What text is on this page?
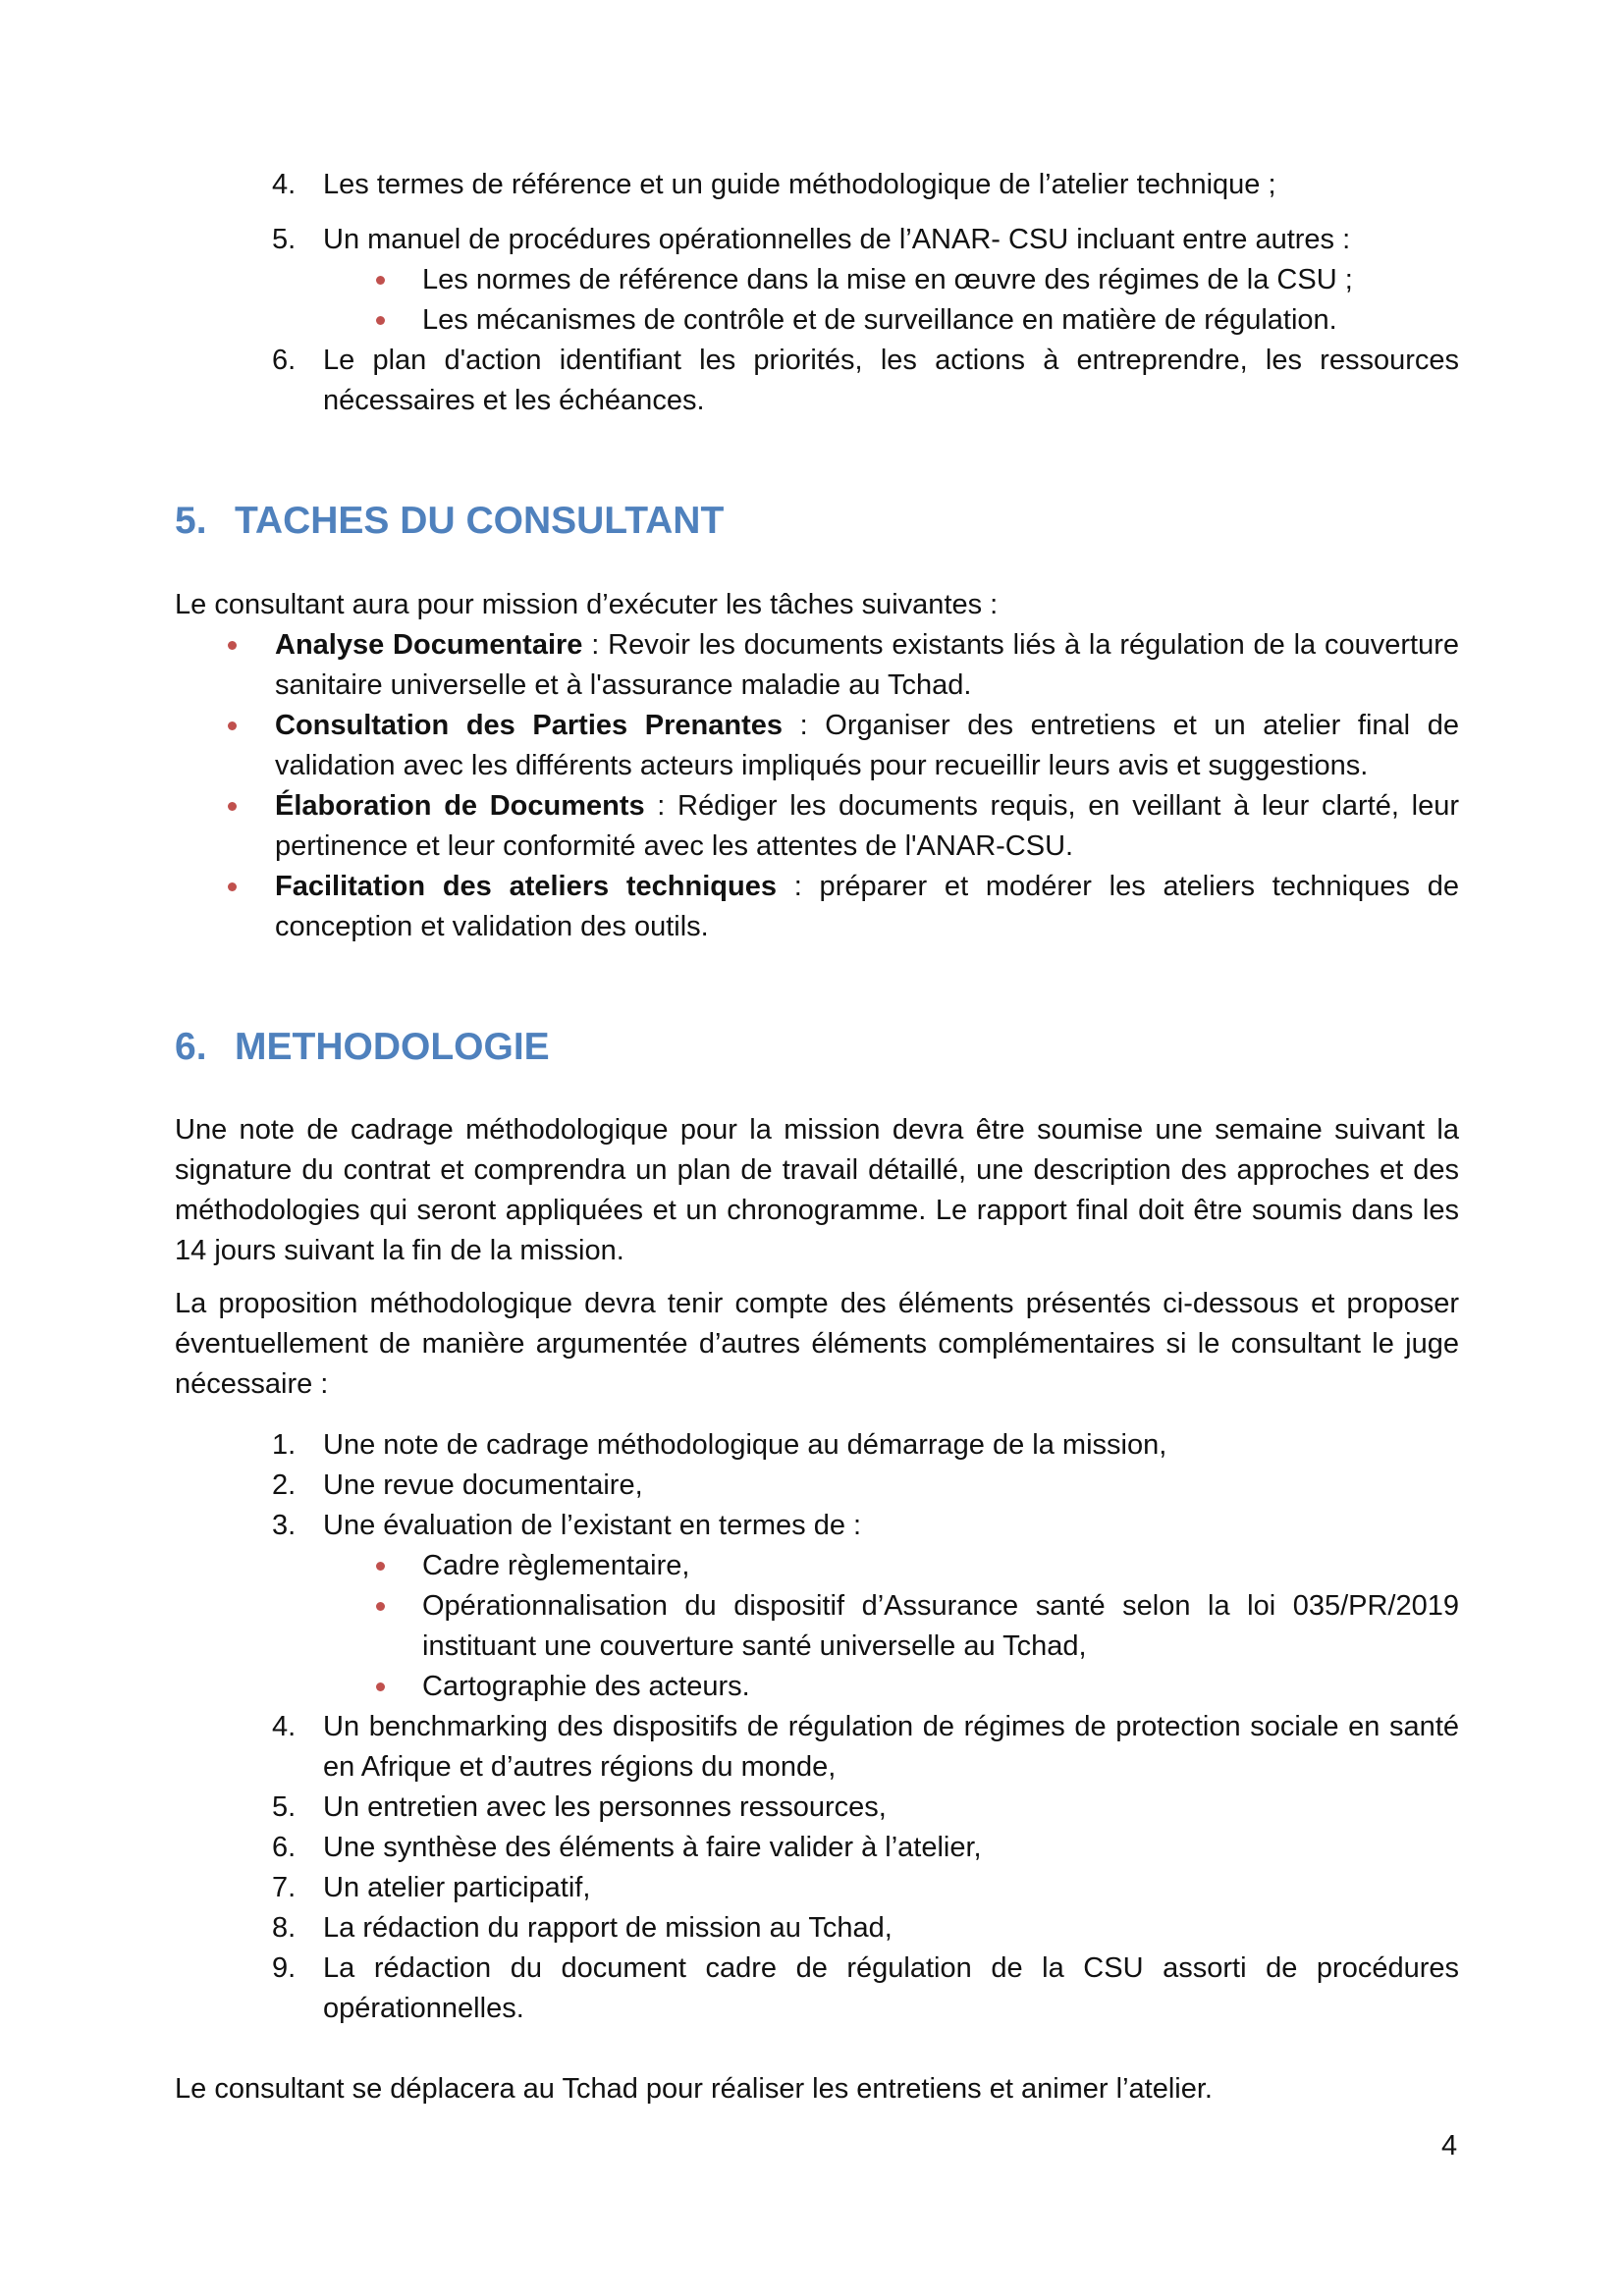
4. Les termes de référence et un guide méthodologique de l’atelier technique ;
5. Un manuel de procédures opérationnelles de l’ANAR- CSU incluant entre autres :
Les normes de référence dans la mise en œuvre des régimes de la CSU ;
Les mécanismes de contrôle et de surveillance en matière de régulation.
6. Le plan d'action identifiant les priorités, les actions à entreprendre, les ressources nécessaires et les échéances.
5. TACHES DU CONSULTANT

Le consultant aura pour mission d’exécuter les tâches suivantes :

Analyse Documentaire : Revoir les documents existants liés à la régulation de la couverture sanitaire universelle et à l'assurance maladie au Tchad.
Consultation des Parties Prenantes : Organiser des entretiens et un atelier final de validation avec les différents acteurs impliqués pour recueillir leurs avis et suggestions.
Élaboration de Documents : Rédiger les documents requis, en veillant à leur clarté, leur pertinence et leur conformité avec les attentes de l'ANAR-CSU.
Facilitation des ateliers techniques : préparer et modérer les ateliers techniques de conception et validation des outils.
6. METHODOLOGIE

Une note de cadrage méthodologique pour la mission devra être soumise une semaine suivant la signature du contrat et comprendra un plan de travail détaillé, une description des approches et des méthodologies qui seront appliquées et un chronogramme. Le rapport final doit être soumis dans les 14 jours suivant la fin de la mission.

La proposition méthodologique devra tenir compte des éléments présentés ci-dessous et proposer éventuellement de manière argumentée d’autres éléments complémentaires si le consultant le juge nécessaire :

1. Une note de cadrage méthodologique au démarrage de la mission,
2. Une revue documentaire,
3. Une évaluation de l’existant en termes de :
Cadre règlementaire,
Opérationnalisation du dispositif d’Assurance santé selon la loi 035/PR/2019 instituant une couverture santé universelle au Tchad,
Cartographie des acteurs.
4. Un benchmarking des dispositifs de régulation de régimes de protection sociale en santé en Afrique et d’autres régions du monde,
5. Un entretien avec les personnes ressources,
6. Une synthèse des éléments à faire valider à l’atelier,
7. Un atelier participatif,
8. La rédaction du rapport de mission au Tchad,
9. La rédaction du document cadre de régulation de la CSU assorti de procédures opérationnelles.

Le consultant se déplacera au Tchad pour réaliser les entretiens et animer l’atelier.

4
